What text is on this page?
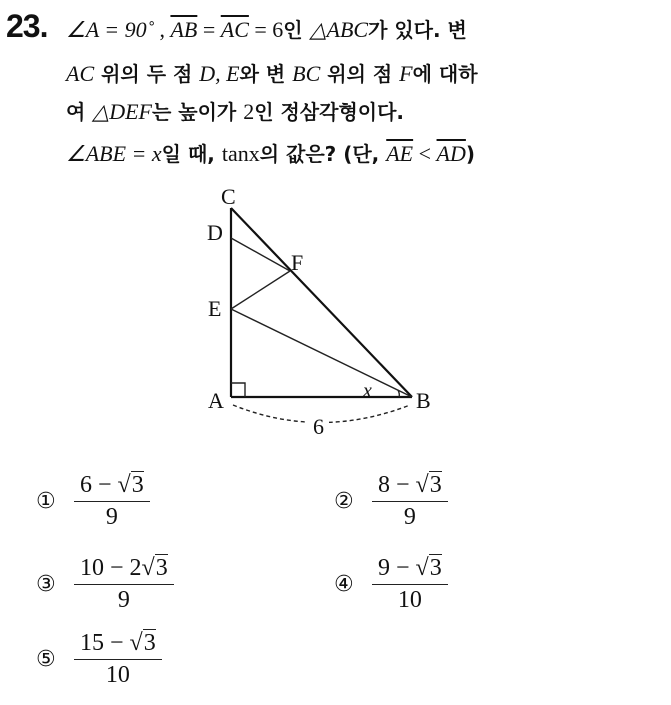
23. ∠A = 90˚ , $\overline{AB} = \overline{AC} = 6$인 △ABC가 있다. 변
AC 위의 두 점 D, E와 변 BC 위의 점 F에 대하
여 △DEF는 높이가 2인 정삼각형이다.
∠ABE = x일 때, tanx의 값은? (단, $\overline{AE} < \overline{AD}$)
C
D
F
E
A	B
x
6
① $\frac{6 - √3}{9}$	② $\frac{8 - √3}{9}$
③ $\frac{10 - 2√3}{9}$	④ $\frac{9 - √3}{10}$
⑤ $\frac{15 - √3}{10}$
